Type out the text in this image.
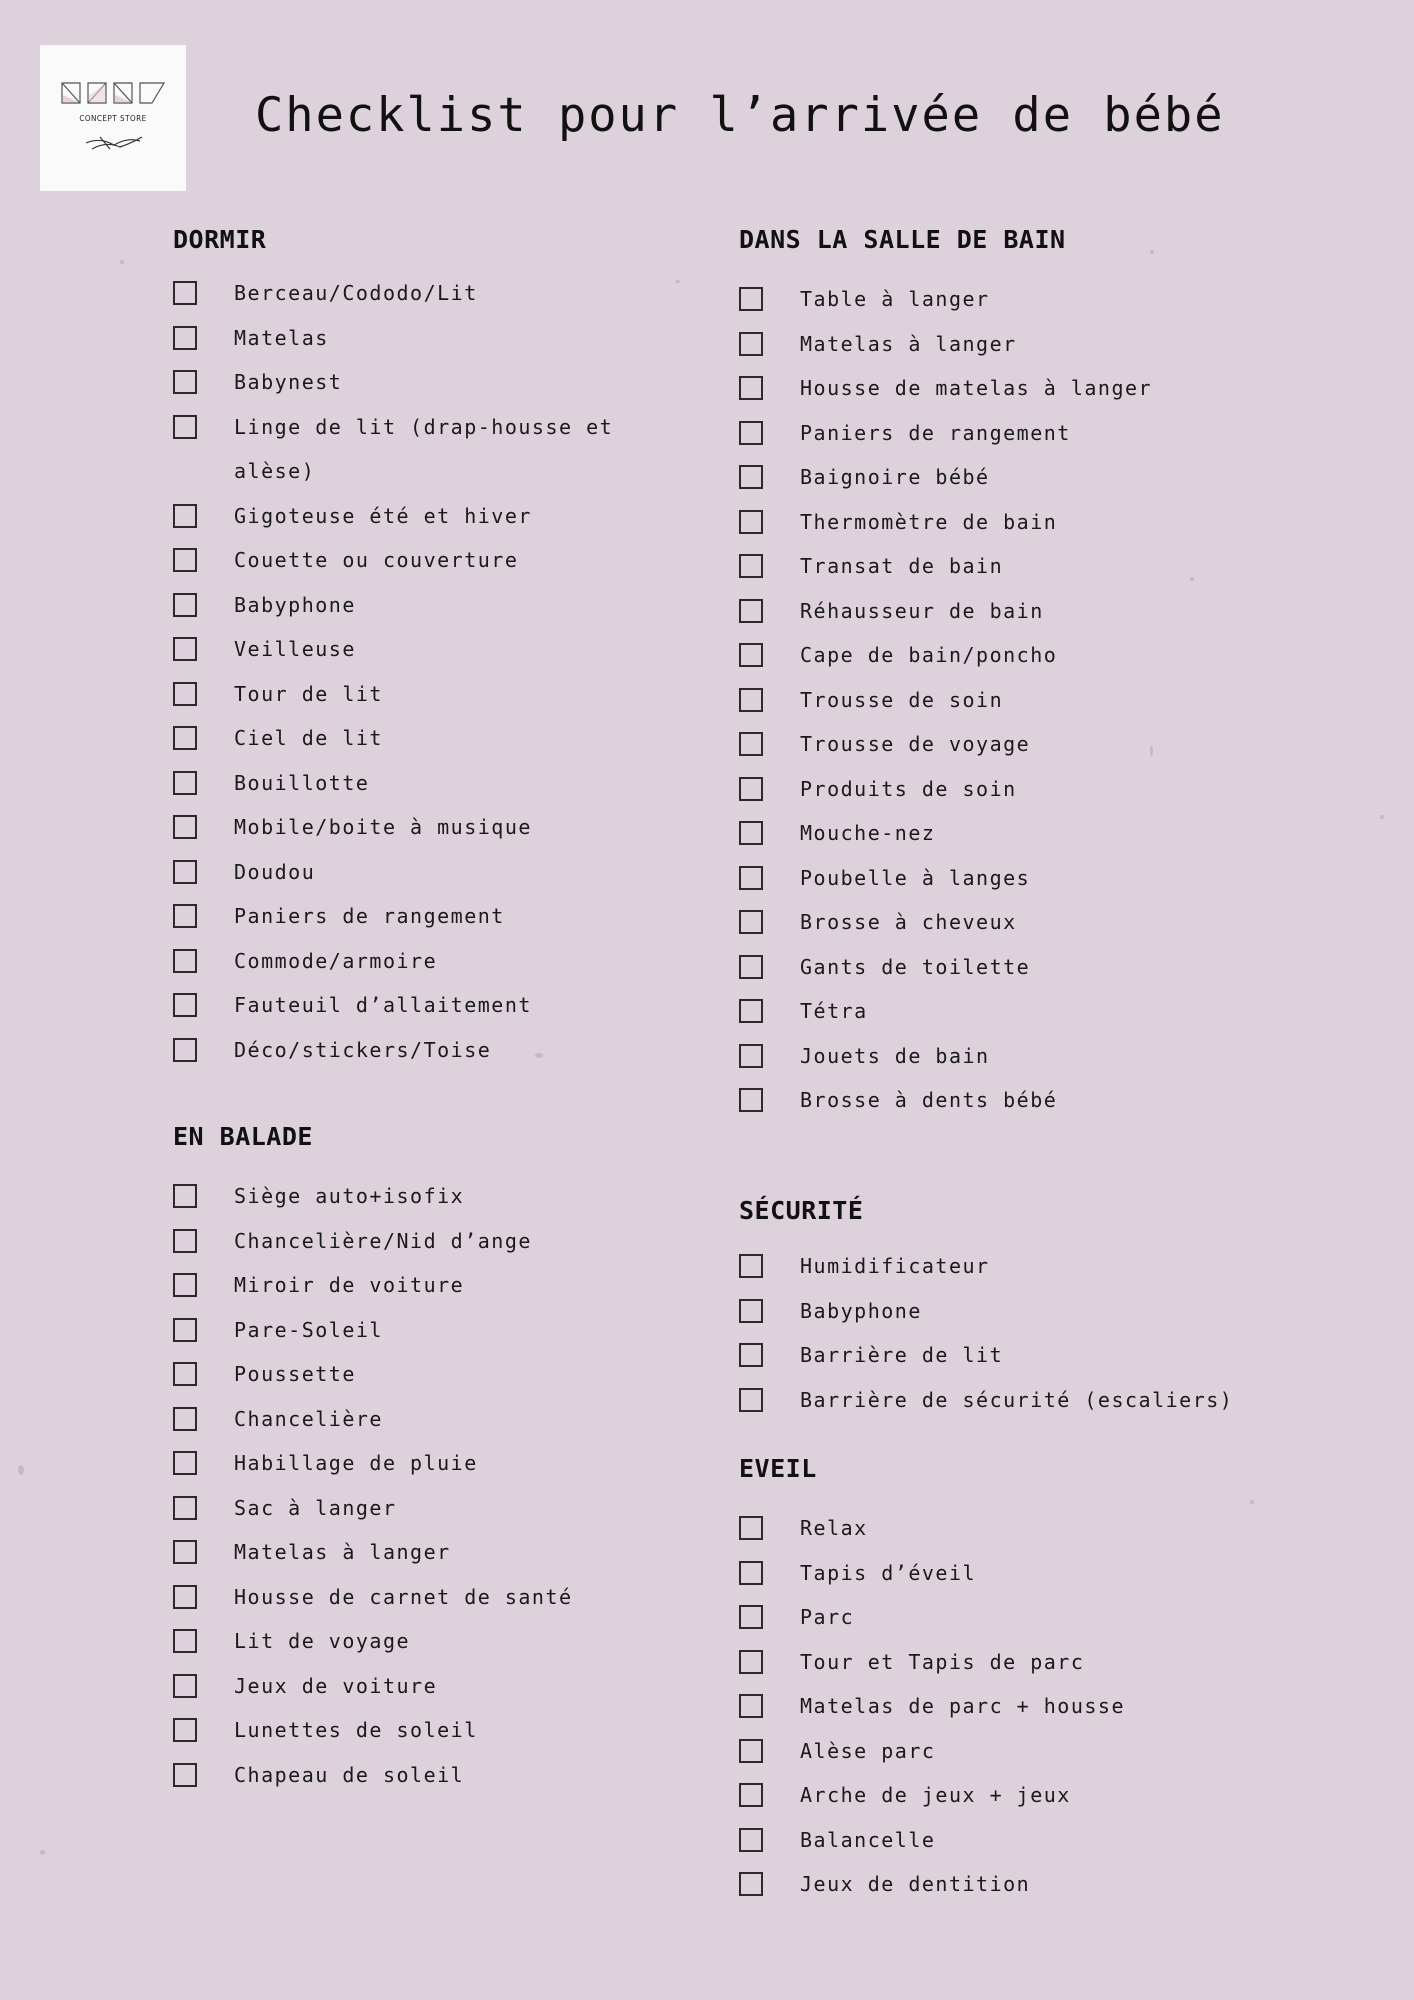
CONCEPT STORE Checklist pour l’arrivée de bébé
DORMIR
Berceau/Cododo/Lit
Matelas
Babynest
Linge de lit (drap-housse et alèse)
Gigoteuse été et hiver
Couette ou couverture
Babyphone
Veilleuse
Tour de lit
Ciel de lit
Bouillotte
Mobile/boite à musique
Doudou
Paniers de rangement
Commode/armoire
Fauteuil d’allaitement
Déco/stickers/Toise
EN BALADE
Siège auto+isofix
Chancelière/Nid d’ange
Miroir de voiture
Pare-Soleil
Poussette
Chancelière
Habillage de pluie
Sac à langer
Matelas à langer
Housse de carnet de santé
Lit de voyage
Jeux de voiture
Lunettes de soleil
Chapeau de soleil
DANS LA SALLE DE BAIN
Table à langer
Matelas à langer
Housse de matelas à langer
Paniers de rangement
Baignoire bébé
Thermomètre de bain
Transat de bain
Réhausseur de bain
Cape de bain/poncho
Trousse de soin
Trousse de voyage
Produits de soin
Mouche-nez
Poubelle à langes
Brosse à cheveux
Gants de toilette
Tétra
Jouets de bain
Brosse à dents bébé
SÉCURITÉ
Humidificateur
Babyphone
Barrière de lit
Barrière de sécurité (escaliers)
EVEIL
Relax
Tapis d’éveil
Parc
Tour et Tapis de parc
Matelas de parc + housse
Alèse parc
Arche de jeux + jeux
Balancelle
Jeux de dentition
